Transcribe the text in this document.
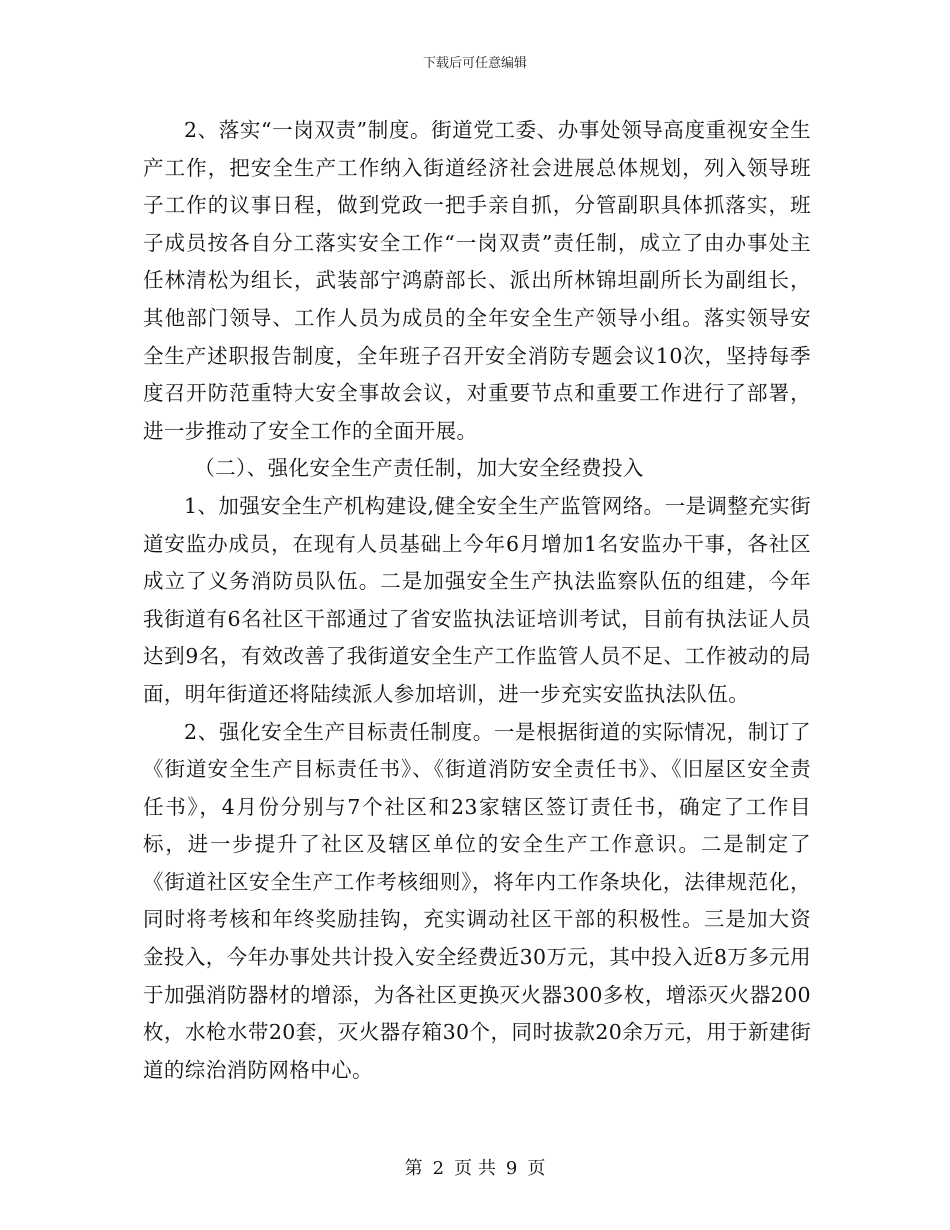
下载后可任意编辑

2、落实“一岗双责”制度。街道党工委、办事处领导高度重视安全生产工作，把安全生产工作纳入街道经济社会进展总体规划，列入领导班子工作的议事日程，做到党政一把手亲自抓，分管副职具体抓落实，班子成员按各自分工落实安全工作“一岗双责”责任制，成立了由办事处主任林清松为组长，武装部宁鸿蔚部长、派出所林锦坦副所长为副组长，其他部门领导、工作人员为成员的全年安全生产领导小组。落实领导安全生产述职报告制度，全年班子召开安全消防专题会议10次，坚持每季度召开防范重特大安全事故会议，对重要节点和重要工作进行了部署，进一步推动了安全工作的全面开展。

（二）、强化安全生产责任制，加大安全经费投入

1、加强安全生产机构建设,健全安全生产监管网络。一是调整充实街道安监办成员，在现有人员基础上今年6月增加1名安监办干事，各社区成立了义务消防员队伍。二是加强安全生产执法监察队伍的组建，今年我街道有6名社区干部通过了省安监执法证培训考试，目前有执法证人员达到9名，有效改善了我街道安全生产工作监管人员不足、工作被动的局面，明年街道还将陆续派人参加培训，进一步充实安监执法队伍。

2、强化安全生产目标责任制度。一是根据街道的实际情况，制订了《街道安全生产目标责任书》、《街道消防安全责任书》、《旧屋区安全责任书》，4月份分别与7个社区和23家辖区签订责任书，确定了工作目标，进一步提升了社区及辖区单位的安全生产工作意识。二是制定了《街道社区安全生产工作考核细则》，将年内工作条块化，法律规范化，同时将考核和年终奖励挂钩，充实调动社区干部的积极性。三是加大资金投入，今年办事处共计投入安全经费近30万元，其中投入近8万多元用于加强消防器材的增添，为各社区更换灭火器300多枚，增添灭火器200枚，水枪水带20套，灭火器存箱30个，同时拔款20余万元，用于新建街道的综治消防网格中心。

第 2 页 共 9 页
